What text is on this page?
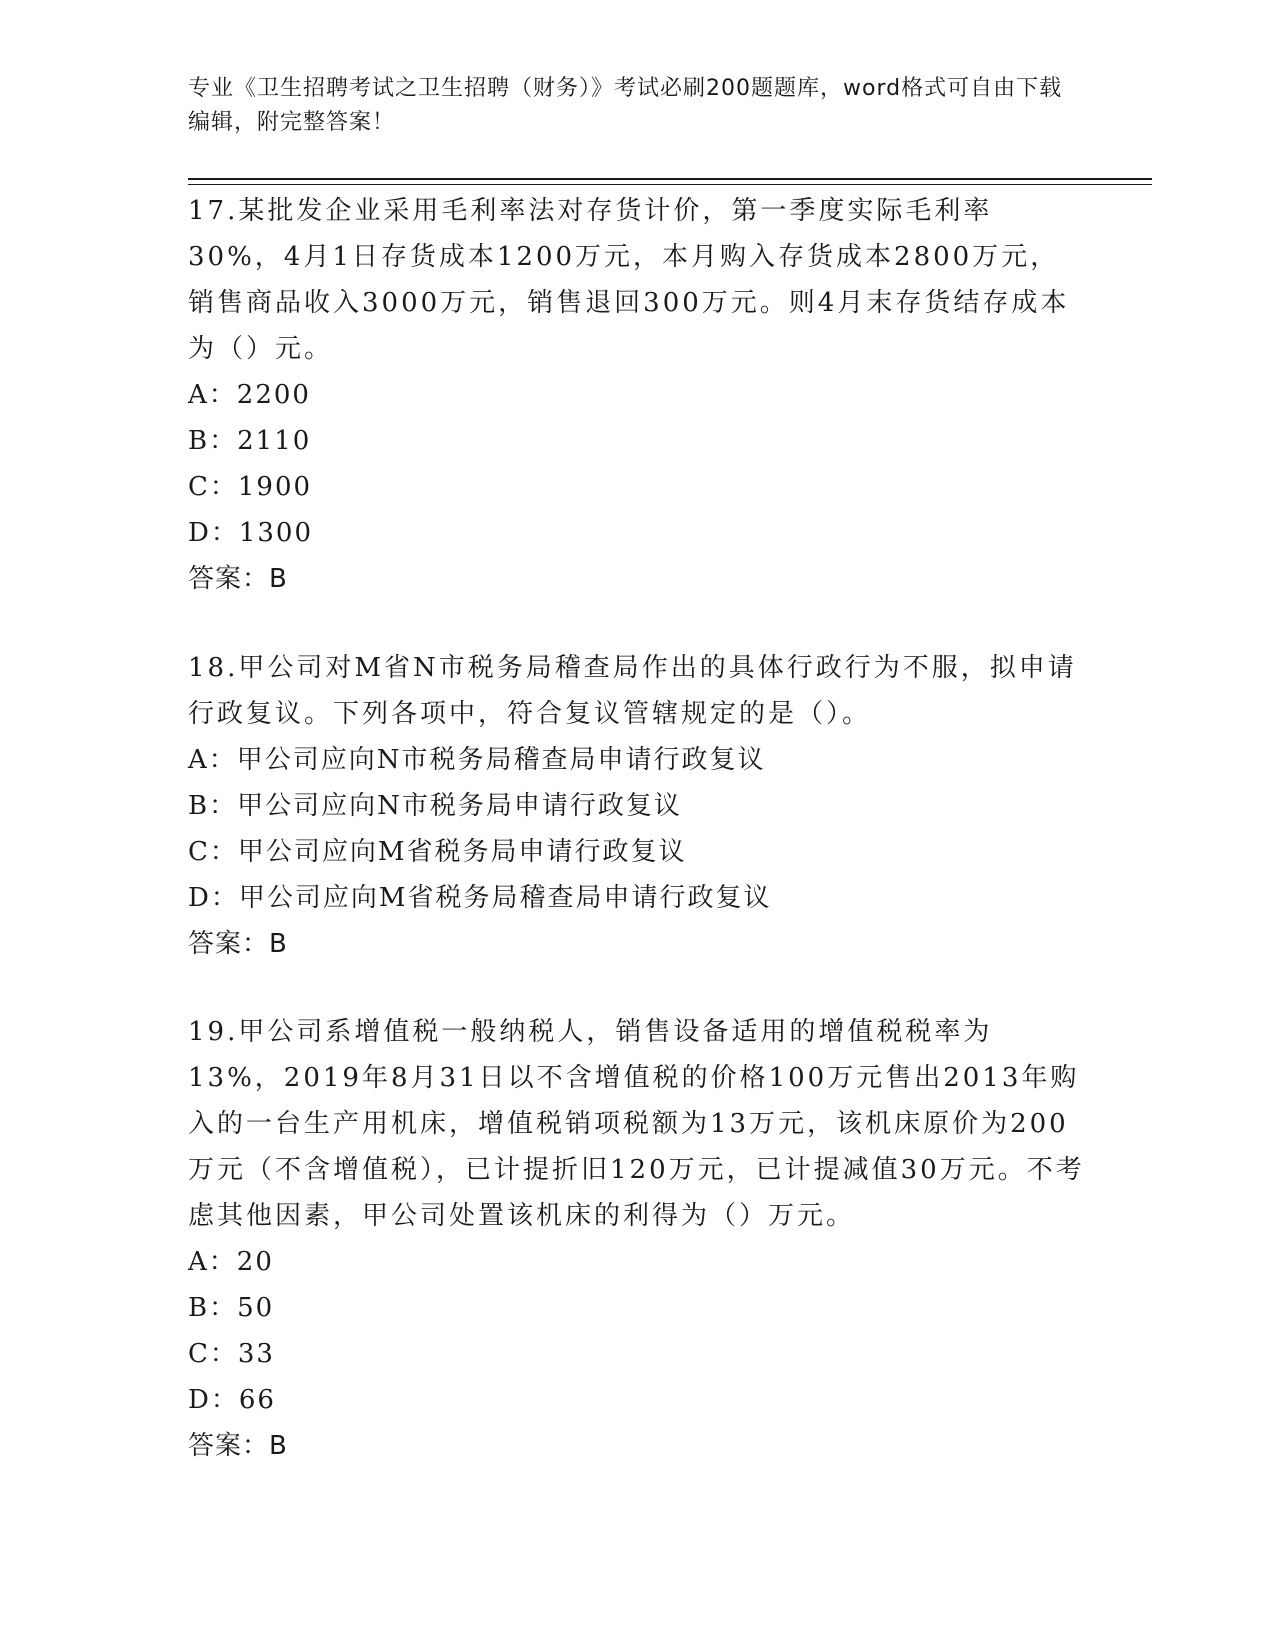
专业《卫生招聘考试之卫生招聘（财务）》考试必刷200题题库，word格式可自由下载编辑，附完整答案！

17.某批发企业采用毛利率法对存货计价，第一季度实际毛利率30%，4月1日存货成本1200万元，本月购入存货成本2800万元，销售商品收入3000万元，销售退回300万元。则4月末存货结存成本为（）元。

A：2200
B：2110
C：1900
D：1300
答案：B

18.甲公司对M省N市税务局稽查局作出的具体行政行为不服，拟申请行政复议。下列各项中，符合复议管辖规定的是（）。

A：甲公司应向N市税务局稽查局申请行政复议
B：甲公司应向N市税务局申请行政复议
C：甲公司应向M省税务局申请行政复议
D：甲公司应向M省税务局稽查局申请行政复议
答案：B

19.甲公司系增值税一般纳税人，销售设备适用的增值税税率为13%，2019年8月31日以不含增值税的价格100万元售出2013年购入的一台生产用机床，增值税销项税额为13万元，该机床原价为200万元（不含增值税），已计提折旧120万元，已计提减值30万元。不考虑其他因素，甲公司处置该机床的利得为（）万元。

A：20
B：50
C：33
D：66
答案：B
